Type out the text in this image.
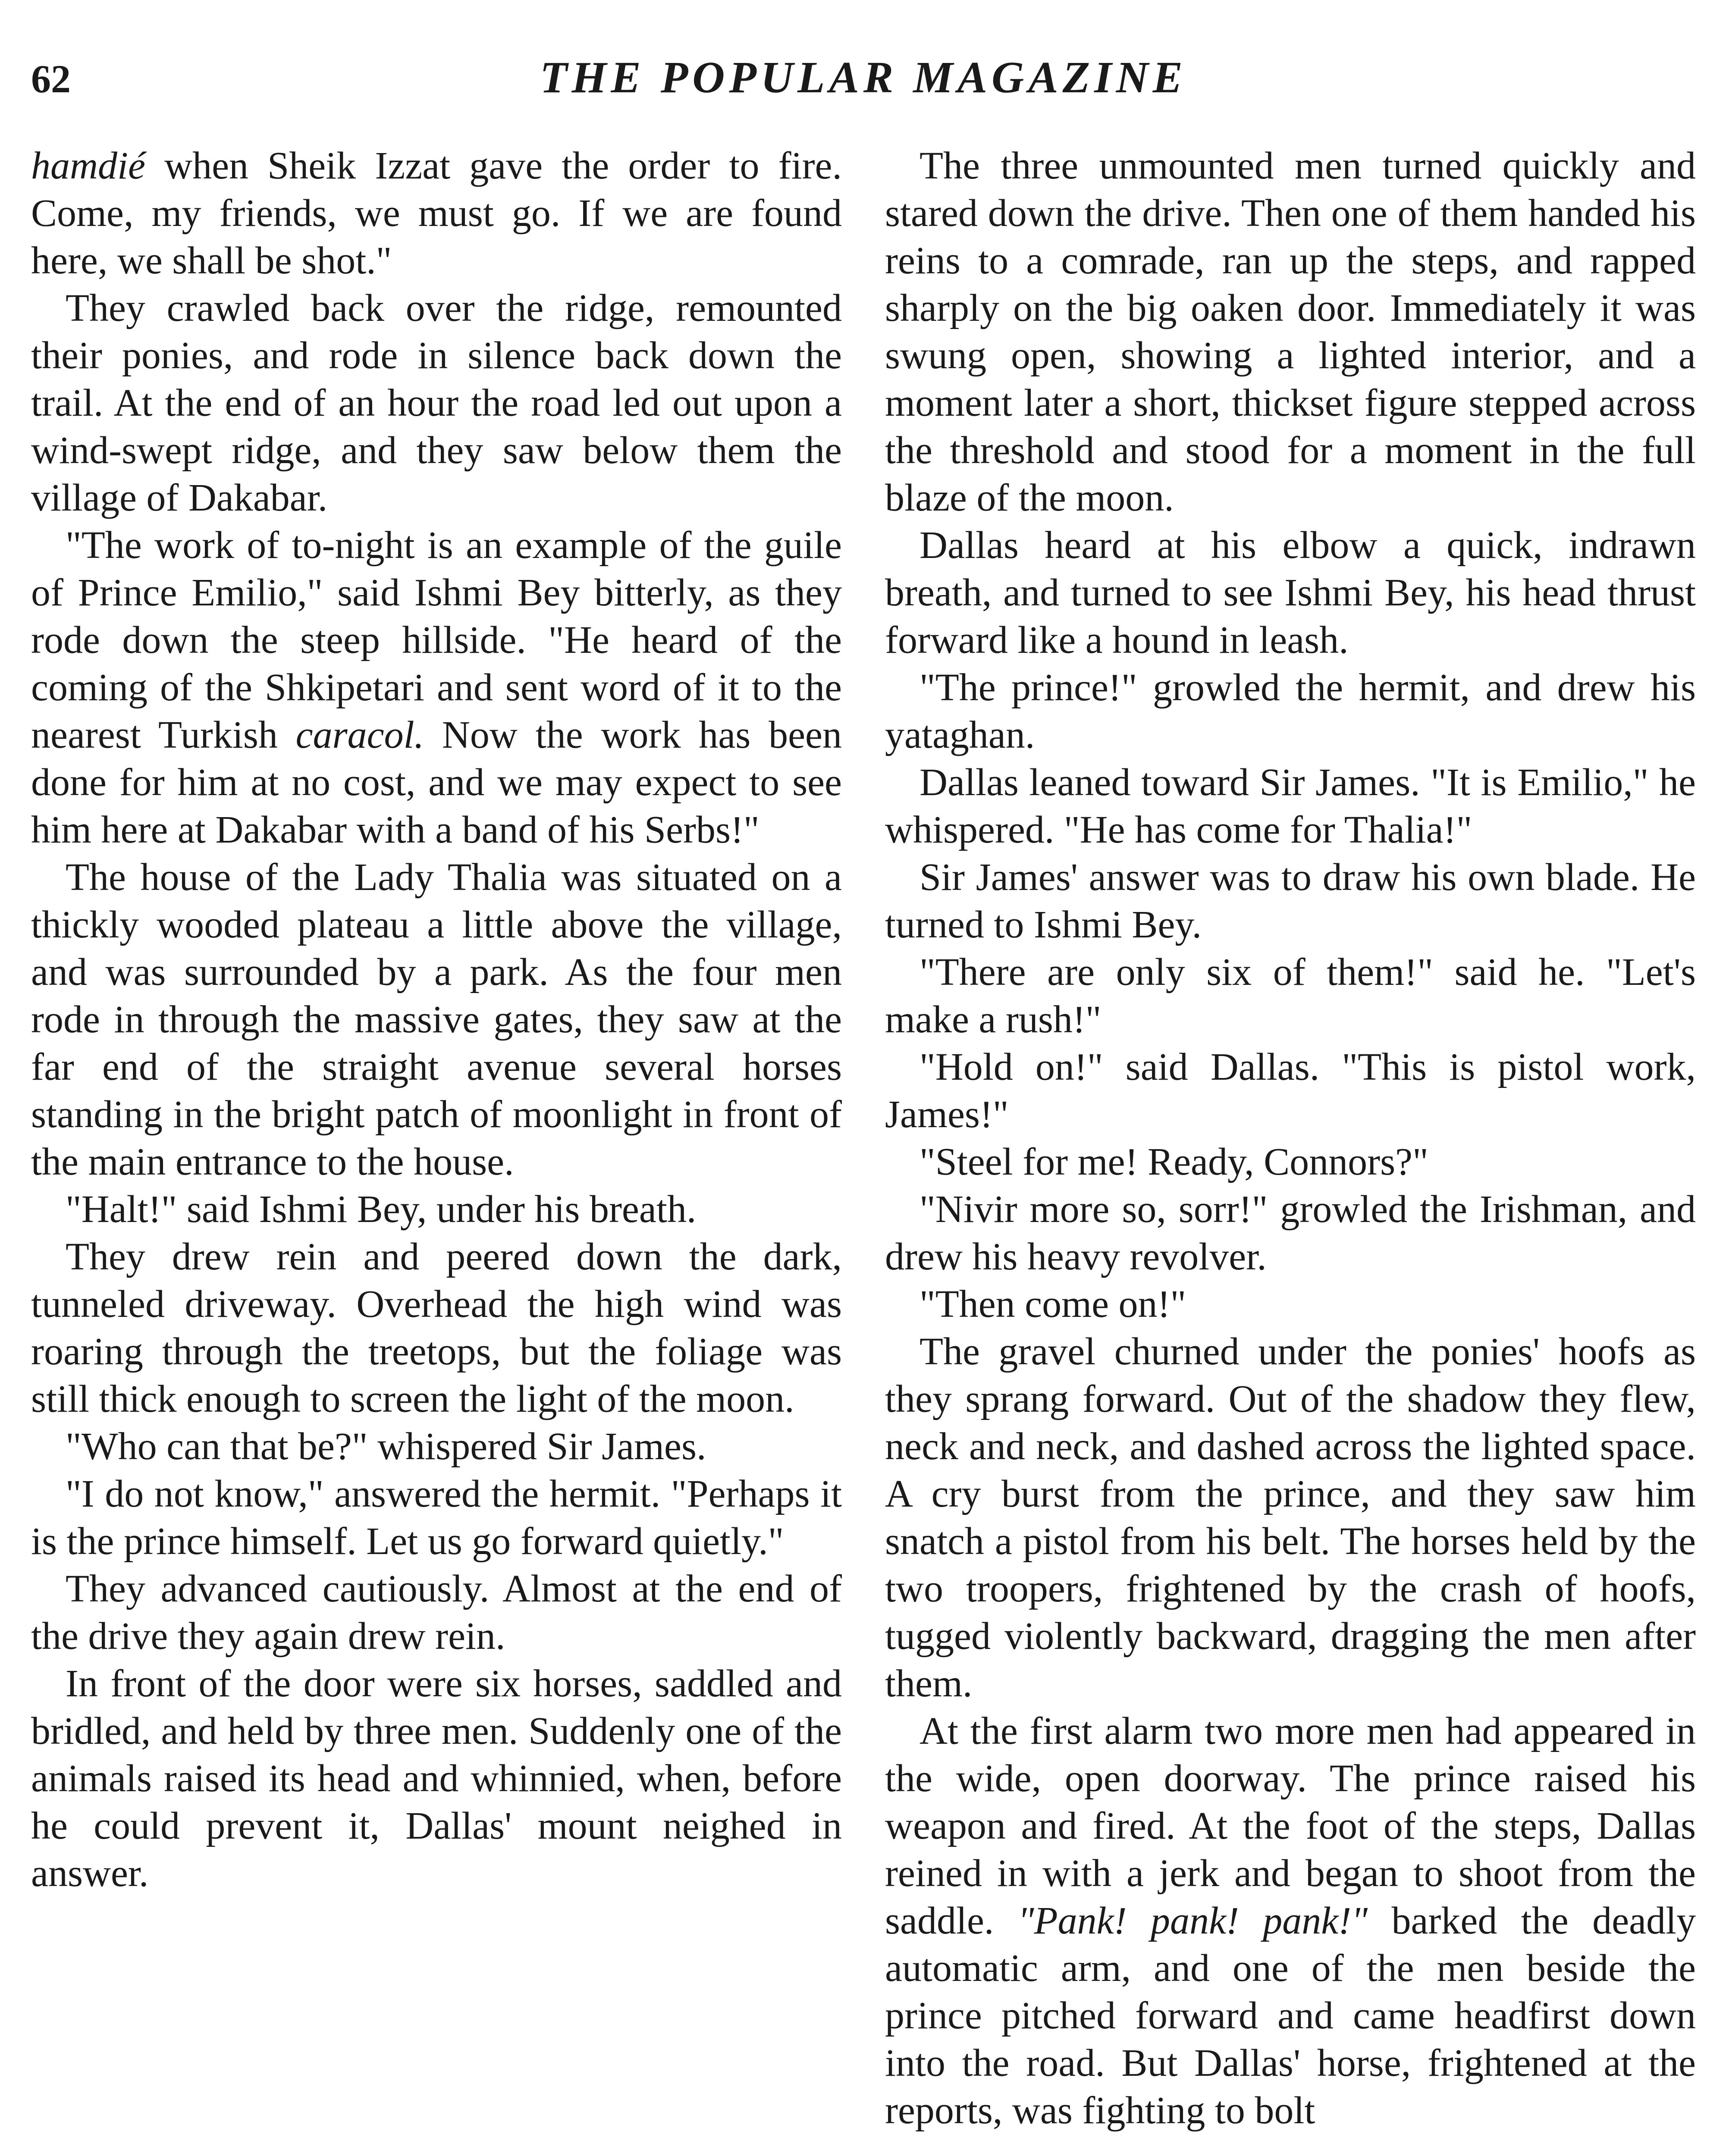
62	THE POPULAR MAGAZINE

hamdié when Sheik Izzat gave the order to fire. Come, my friends, we must go. If we are found here, we shall be shot."

They crawled back over the ridge, remounted their ponies, and rode in silence back down the trail. At the end of an hour the road led out upon a wind-swept ridge, and they saw below them the village of Dakabar.

"The work of to-night is an example of the guile of Prince Emilio," said Ishmi Bey bitterly, as they rode down the steep hillside. "He heard of the coming of the Shkipetari and sent word of it to the nearest Turkish caracol. Now the work has been done for him at no cost, and we may expect to see him here at Dakabar with a band of his Serbs!"

The house of the Lady Thalia was situated on a thickly wooded plateau a little above the village, and was surrounded by a park. As the four men rode in through the massive gates, they saw at the far end of the straight avenue several horses standing in the bright patch of moonlight in front of the main entrance to the house.

"Halt!" said Ishmi Bey, under his breath.

They drew rein and peered down the dark, tunneled driveway. Overhead the high wind was roaring through the treetops, but the foliage was still thick enough to screen the light of the moon.

"Who can that be?" whispered Sir James.

"I do not know," answered the hermit. "Perhaps it is the prince himself. Let us go forward quietly."

They advanced cautiously. Almost at the end of the drive they again drew rein.

In front of the door were six horses, saddled and bridled, and held by three men. Suddenly one of the animals raised its head and whinnied, when, before he could prevent it, Dallas' mount neighed in answer.

The three unmounted men turned quickly and stared down the drive. Then one of them handed his reins to a comrade, ran up the steps, and rapped sharply on the big oaken door. Immediately it was swung open, showing a lighted interior, and a moment later a short, thickset figure stepped across the threshold and stood for a moment in the full blaze of the moon.

Dallas heard at his elbow a quick, indrawn breath, and turned to see Ishmi Bey, his head thrust forward like a hound in leash.

"The prince!" growled the hermit, and drew his yataghan.

Dallas leaned toward Sir James. "It is Emilio," he whispered. "He has come for Thalia!"

Sir James' answer was to draw his own blade. He turned to Ishmi Bey.

"There are only six of them!" said he. "Let's make a rush!"

"Hold on!" said Dallas. "This is pistol work, James!"

"Steel for me! Ready, Connors?"

"Nivir more so, sorr!" growled the Irishman, and drew his heavy revolver.

"Then come on!"

The gravel churned under the ponies' hoofs as they sprang forward. Out of the shadow they flew, neck and neck, and dashed across the lighted space. A cry burst from the prince, and they saw him snatch a pistol from his belt. The horses held by the two troopers, frightened by the crash of hoofs, tugged violently backward, dragging the men after them.

At the first alarm two more men had appeared in the wide, open doorway. The prince raised his weapon and fired. At the foot of the steps, Dallas reined in with a jerk and began to shoot from the saddle. "Pank! pank! pank!" barked the deadly automatic arm, and one of the men beside the prince pitched forward and came headfirst down into the road. But Dallas' horse, frightened at the reports, was fighting to bolt
